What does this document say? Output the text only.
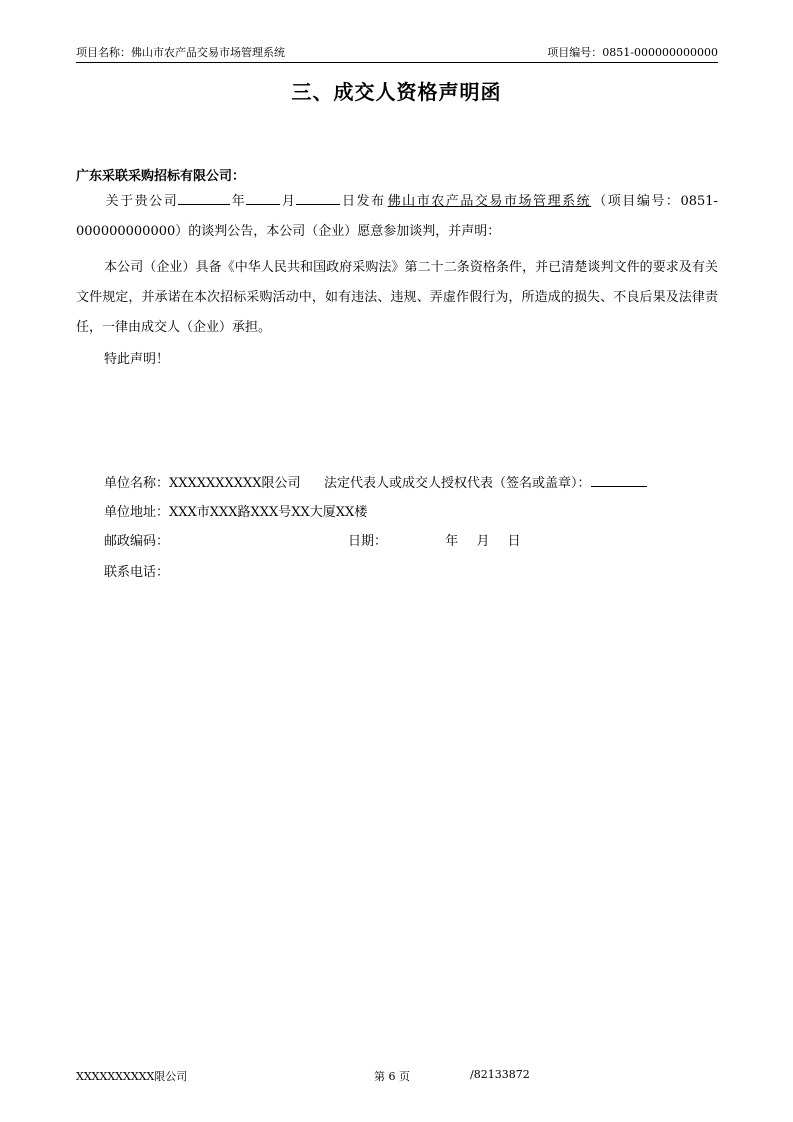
项目名称：佛山市农产品交易市场管理系统	项目编号：0851-000000000000
三、成交人资格声明函
广东采联采购招标有限公司：
关于贵公司	年	月	日发布 佛山市农产品交易市场管理系统 （项目编号：0851-000000000000）的谈判公告，本公司（企业）愿意参加谈判，并声明：
本公司（企业）具备《中华人民共和国政府采购法》第二十二条资格条件，并已清楚谈判文件的要求及有关文件规定，并承诺在本次招标采购活动中，如有违法、违规、弄虚作假行为，所造成的损失、不良后果及法律责任，一律由成交人（企业）承担。
特此声明！
单位名称：XXXXXXXXXX限公司 法定代表人或成交人授权代表（签名或盖章）：
单位地址：XXX市XXX路XXX号XX大厦XX楼
邮政编码：	日期：	年 月 日
联系电话：
XXXXXXXXXX限公司	第 6 页	/82133872
